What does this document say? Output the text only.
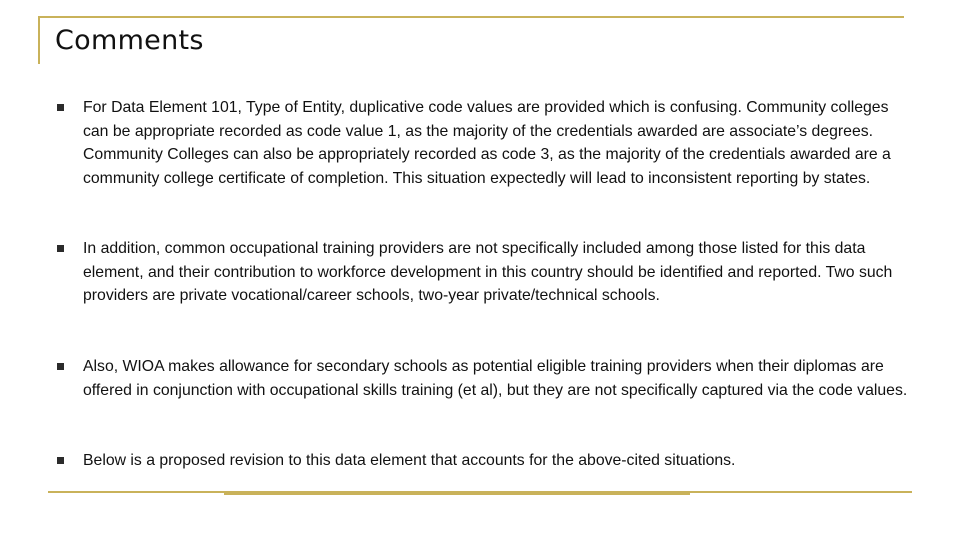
Comments
For Data Element 101, Type of Entity, duplicative code values are provided which is confusing. Community colleges can be appropriate recorded as code value 1, as the majority of the credentials awarded are associate’s degrees. Community Colleges can also be appropriately recorded as code 3, as the majority of the credentials awarded are a community college certificate of completion. This situation expectedly will lead to inconsistent reporting by states.
In addition, common occupational training providers are not specifically included among those listed for this data element, and their contribution to workforce development in this country should be identified and reported. Two such providers are private vocational/career schools, two-year private/technical schools.
Also, WIOA makes allowance for secondary schools as potential eligible training providers when their diplomas are offered in conjunction with occupational skills training (et al), but they are not specifically captured via the code values.
Below is a proposed revision to this data element that accounts for the above-cited situations.
